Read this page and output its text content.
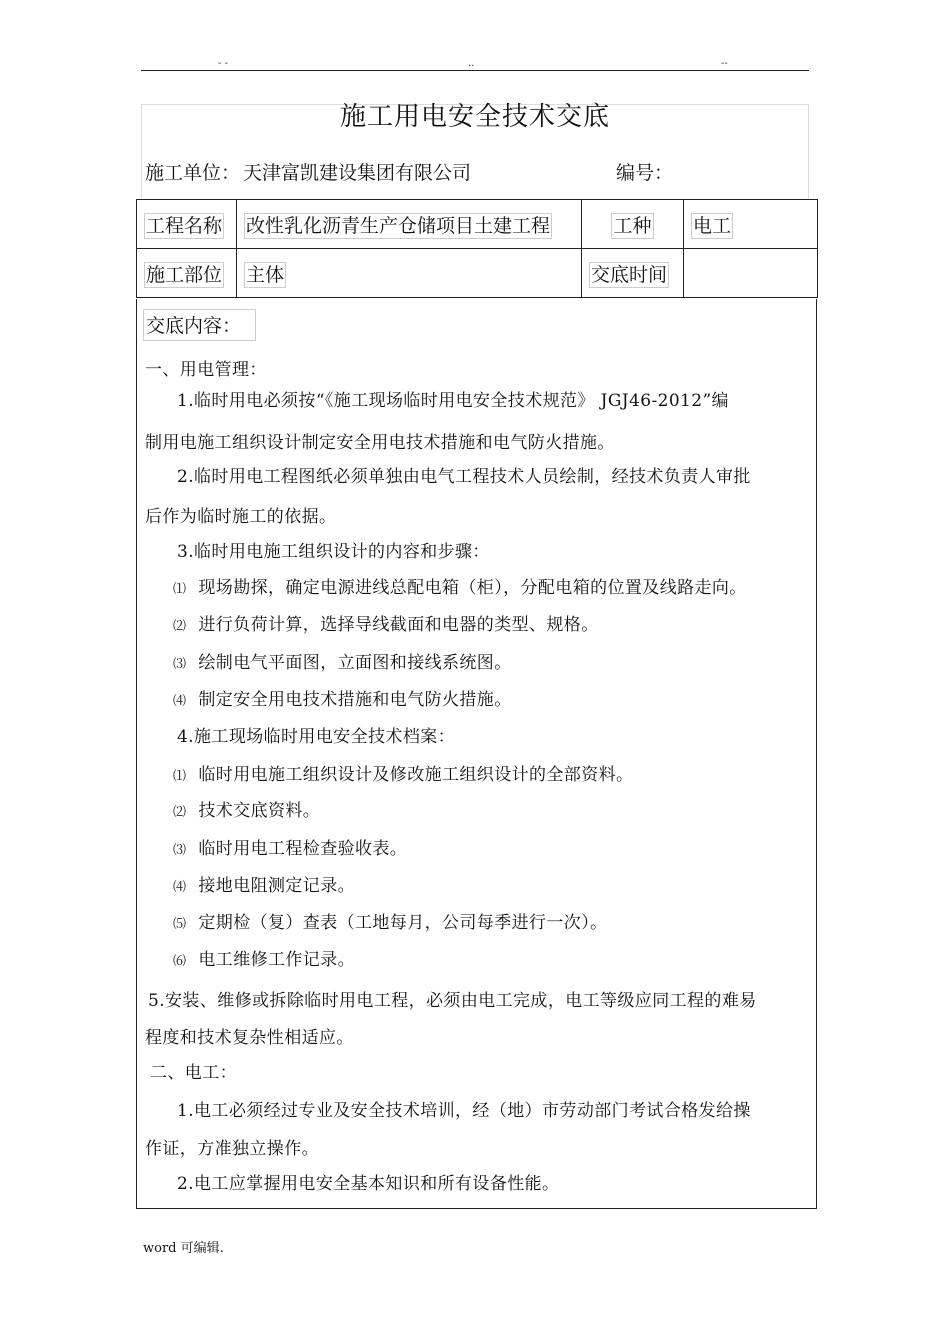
- -	..	--
施工用电安全技术交底
施工单位： 天津富凯建设集团有限公司	编号：
工程名称	改性乳化沥青生产仓储项目土建工程	工种	电工
施工部位	主体	交底时间	
交底内容：
一、用电管理：
1.临时用电必须按“《施工现场临时用电安全技术规范》 JGJ46-2012”编
制用电施工组织设计制定安全用电技术措施和电气防火措施。
2.临时用电工程图纸必须单独由电气工程技术人员绘制，经技术负责人审批
后作为临时施工的依据。
3.临时用电施工组织设计的内容和步骤：
⑴ 现场勘探，确定电源进线总配电箱（柜），分配电箱的位置及线路走向。
⑵ 进行负荷计算，选择导线截面和电器的类型、规格。
⑶ 绘制电气平面图，立面图和接线系统图。
⑷ 制定安全用电技术措施和电气防火措施。
4.施工现场临时用电安全技术档案：
⑴ 临时用电施工组织设计及修改施工组织设计的全部资料。
⑵ 技术交底资料。
⑶ 临时用电工程检查验收表。
⑷ 接地电阻测定记录。
⑸ 定期检（复）查表（工地每月，公司每季进行一次）。
⑹ 电工维修工作记录。
5.安装、维修或拆除临时用电工程，必须由电工完成，电工等级应同工程的难易
程度和技术复杂性相适应。
二、电工：
1.电工必须经过专业及安全技术培训，经（地）市劳动部门考试合格发给操
作证，方准独立操作。
2.电工应掌握用电安全基本知识和所有设备性能。
word 可编辑.
